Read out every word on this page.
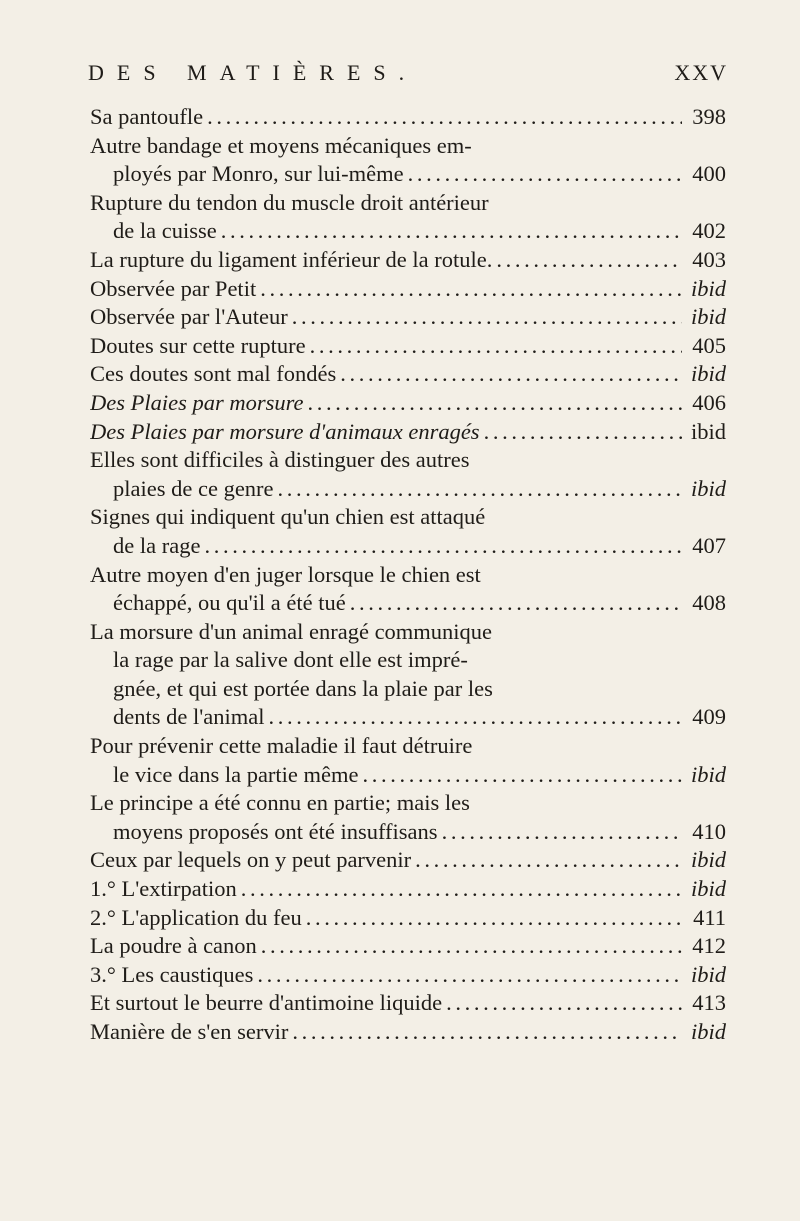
DES MATIÈRES.	XXV
Sa pantoufle . . .	398
Autre bandage et moyens mécaniques em-
ployés par Monro, sur lui-même . . .	400
Rupture du tendon du muscle droit antérieur
de la cuisse . . .	402
La rupture du ligament inférieur de la rotule. . . .	403
Observée par Petit . . .	ibid
Observée par l'Auteur . . .	ibid
Doutes sur cette rupture . . .	405
Ces doutes sont mal fondés . . .	ibid
Des Plaies par morsure . . .	406
Des Plaies par morsure d'animaux enragés . . .	ibid
Elles sont difficiles à distinguer des autres
plaies de ce genre . . .	ibid
Signes qui indiquent qu'un chien est attaqué
de la rage . . .	407
Autre moyen d'en juger lorsque le chien est
échappé, ou qu'il a été tué . . .	408
La morsure d'un animal enragé communique
la rage par la salive dont elle est impré-
gnée, et qui est portée dans la plaie par les
dents de l'animal . . .	409
Pour prévenir cette maladie il faut détruire
le vice dans la partie même . . .	ibid
Le principe a été connu en partie; mais les
moyens proposés ont été insuffisans . . .	410
Ceux par lequels on y peut parvenir . . .	ibid
1.° L'extirpation . . .	ibid
2.° L'application du feu . . .	411
La poudre à canon . . .	412
3.° Les caustiques . . .	ibid
Et surtout le beurre d'antimoine liquide . . .	413
Manière de s'en servir . . .	ibid
